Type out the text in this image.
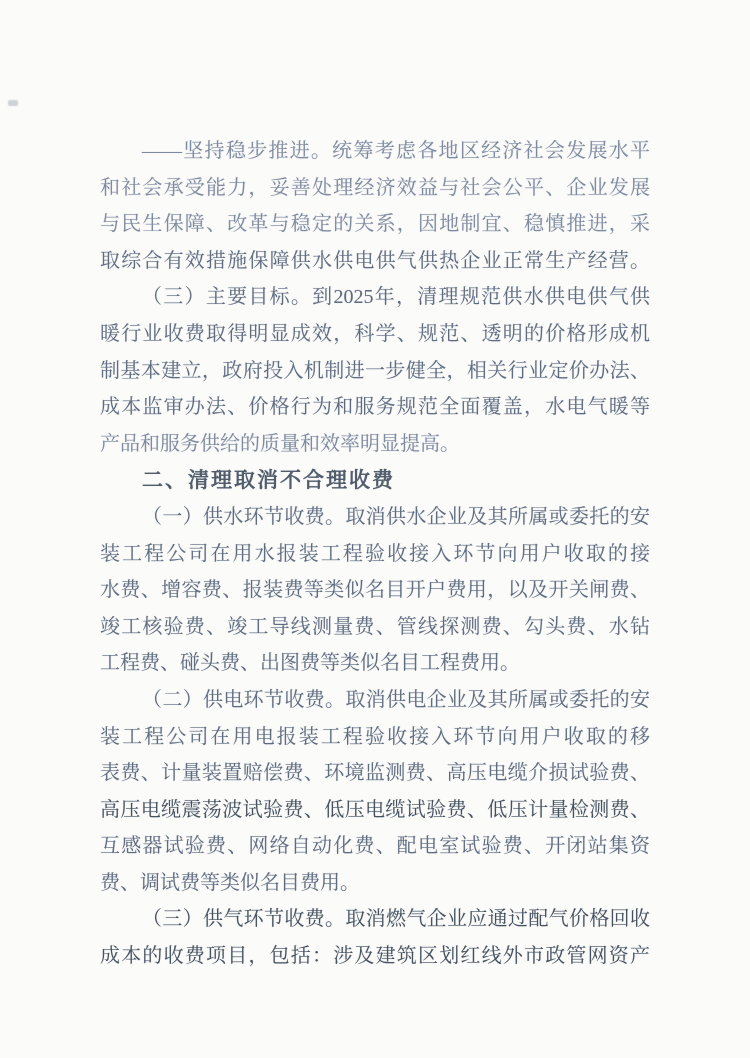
——坚持稳步推进。统筹考虑各地区经济社会发展水平
和社会承受能力，妥善处理经济效益与社会公平、企业发展
与民生保障、改革与稳定的关系，因地制宜、稳慎推进，采
取综合有效措施保障供水供电供气供热企业正常生产经营。
（三）主要目标。到2025年，清理规范供水供电供气供
暖行业收费取得明显成效，科学、规范、透明的价格形成机
制基本建立，政府投入机制进一步健全，相关行业定价办法、
成本监审办法、价格行为和服务规范全面覆盖，水电气暖等
产品和服务供给的质量和效率明显提高。
二、清理取消不合理收费
（一）供水环节收费。取消供水企业及其所属或委托的安
装工程公司在用水报装工程验收接入环节向用户收取的接
水费、增容费、报装费等类似名目开户费用，以及开关闸费、
竣工核验费、竣工导线测量费、管线探测费、勾头费、水钻
工程费、碰头费、出图费等类似名目工程费用。
（二）供电环节收费。取消供电企业及其所属或委托的安
装工程公司在用电报装工程验收接入环节向用户收取的移
表费、计量装置赔偿费、环境监测费、高压电缆介损试验费、
高压电缆震荡波试验费、低压电缆试验费、低压计量检测费、
互感器试验费、网络自动化费、配电室试验费、开闭站集资
费、调试费等类似名目费用。
（三）供气环节收费。取消燃气企业应通过配气价格回收
成本的收费项目，包括：涉及建筑区划红线外市政管网资产
